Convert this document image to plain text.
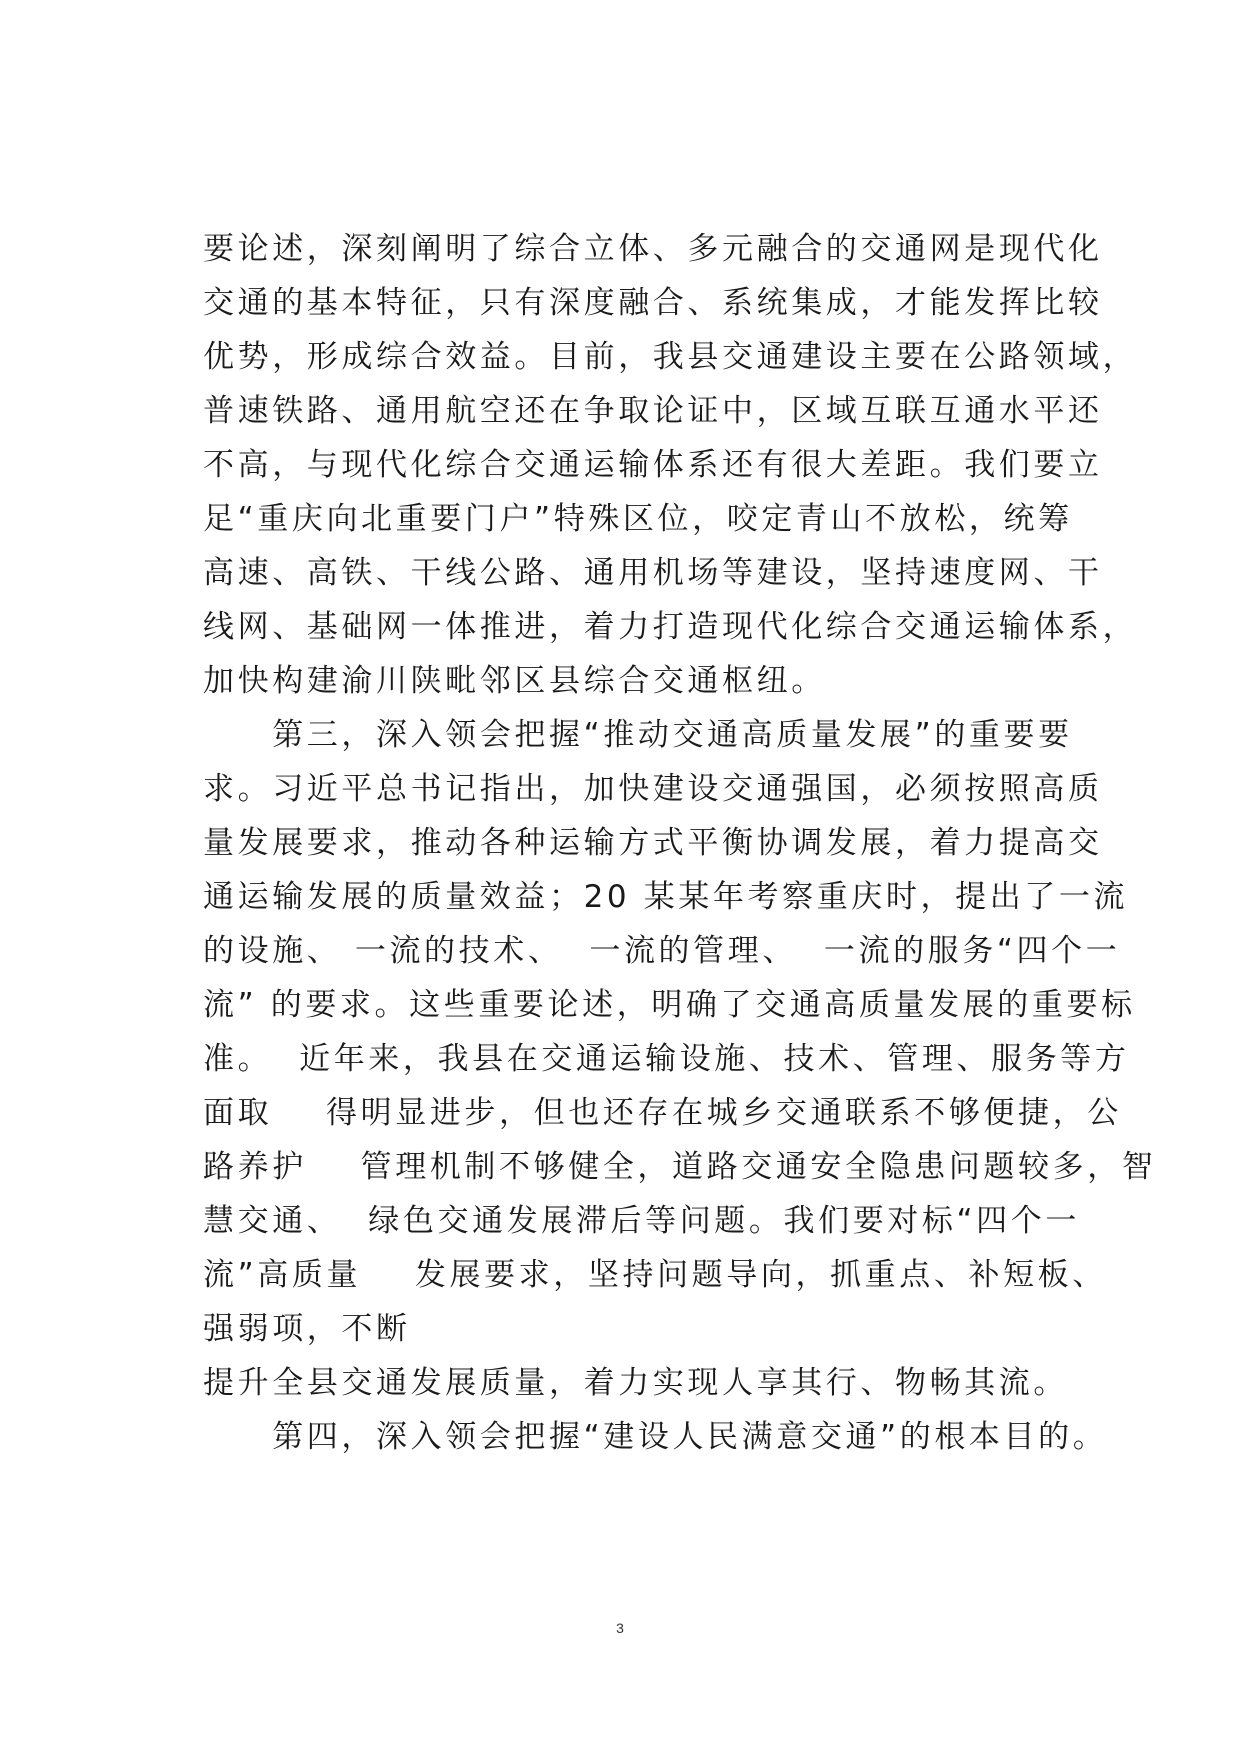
要论述，深刻阐明了综合立体、多元融合的交通网是现代化
交通的基本特征，只有深度融合、系统集成，才能发挥比较
优势，形成综合效益。目前，我县交通建设主要在公路领域，
普速铁路、通用航空还在争取论证中，区域互联互通水平还
不高，与现代化综合交通运输体系还有很大差距。我们要立
足“重庆向北重要门户”特殊区位，咬定青山不放松，统筹
高速、高铁、干线公路、通用机场等建设，坚持速度网、干
线网、基础网一体推进，着力打造现代化综合交通运输体系，
加快构建渝川陕毗邻区县综合交通枢纽。
　　第三，深入领会把握“推动交通高质量发展”的重要要
求。习近平总书记指出，加快建设交通强国，必须按照高质
量发展要求，推动各种运输方式平衡协调发展，着力提高交
通运输发展的质量效益；20 某某年考察重庆时，提出了一流
的设施、 一流的技术、  一流的管理、  一流的服务“四个一
流” 的要求。这些重要论述，明确了交通高质量发展的重要标
准。  近年来，我县在交通运输设施、技术、管理、服务等方
面取    得明显进步，但也还存在城乡交通联系不够便捷，公
路养护    管理机制不够健全，道路交通安全隐患问题较多，智
慧交通、  绿色交通发展滞后等问题。我们要对标“四个一
流”高质量    发展要求，坚持问题导向，抓重点、补短板、
强弱项，不断
提升全县交通发展质量，着力实现人享其行、物畅其流。
　　第四，深入领会把握“建设人民满意交通”的根本目的。
3
